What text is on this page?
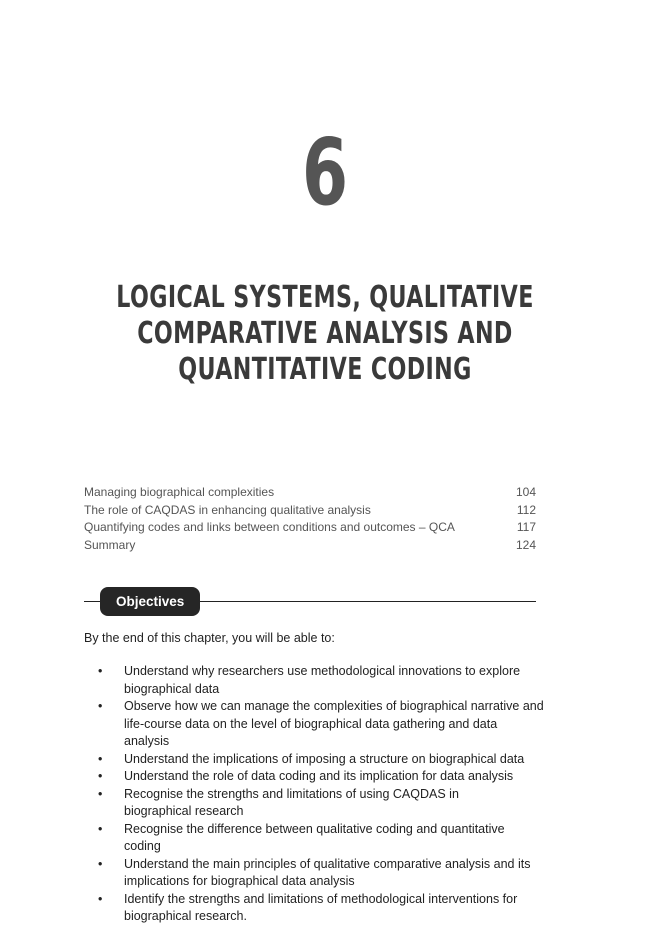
6
LOGICAL SYSTEMS, QUALITATIVE
COMPARATIVE ANALYSIS AND
QUANTITATIVE CODING
Managing biographical complexities	104
The role of CAQDAS in enhancing qualitative analysis	112
Quantifying codes and links between conditions and outcomes – QCA	117
Summary	124
Objectives
By the end of this chapter, you will be able to:
• Understand why researchers use methodological innovations to explore
biographical data
• Observe how we can manage the complexities of biographical narrative and
life-course data on the level of biographical data gathering and data analysis
• Understand the implications of imposing a structure on biographical data
• Understand the role of data coding and its implication for data analysis
• Recognise the strengths and limitations of using CAQDAS in
biographical research
• Recognise the difference between qualitative coding and quantitative coding
• Understand the main principles of qualitative comparative analysis and its
implications for biographical data analysis
• Identify the strengths and limitations of methodological interventions for
biographical research.
